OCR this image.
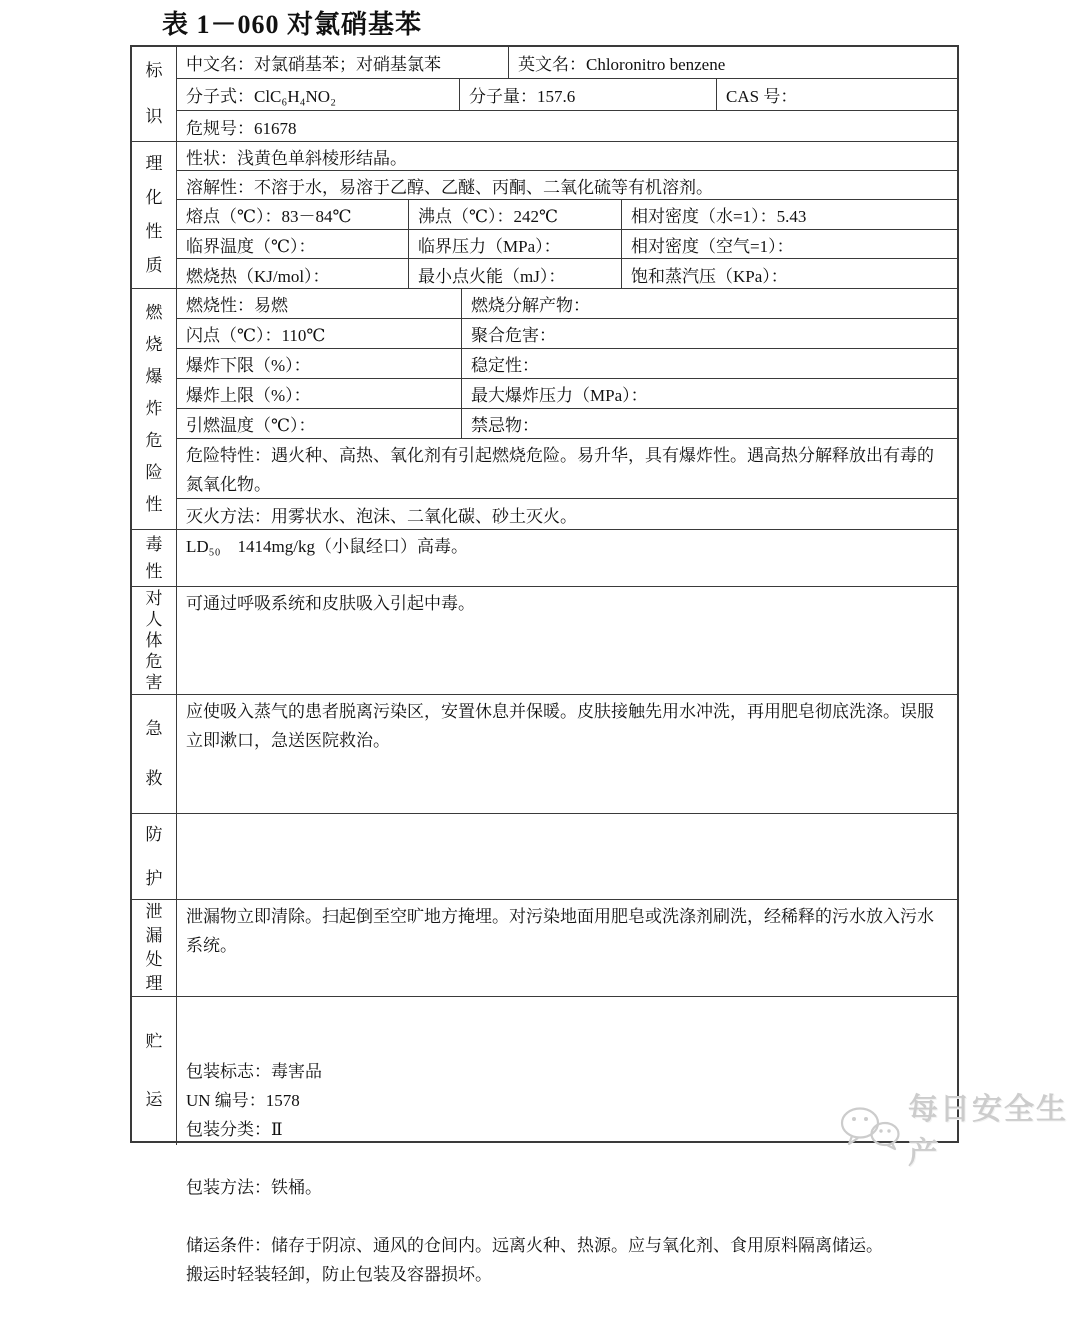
表 1－060 对氯硝基苯
标识
中文名：对氯硝基苯；对硝基氯苯	英文名：Chloronitro benzene
分子式：ClC₆H₄NO₂	分子量：157.6	CAS 号：
危规号：61678
理化性质
性状：浅黄色单斜棱形结晶。
溶解性：不溶于水，易溶于乙醇、乙醚、丙酮、二氧化硫等有机溶剂。
熔点（℃）：83－84℃	沸点（℃）：242℃	相对密度（水=1）：5.43
临界温度（℃）：	临界压力（MPa）：	相对密度（空气=1）：
燃烧热（KJ/mol）：	最小点火能（mJ）：	饱和蒸汽压（KPa）：
燃烧爆炸危险性
燃烧性：易燃	燃烧分解产物：
闪点（℃）：110℃	聚合危害：
爆炸下限（%）：	稳定性：
爆炸上限（%）：	最大爆炸压力（MPa）：
引燃温度（℃）：	禁忌物：
危险特性：遇火种、高热、氧化剂有引起燃烧危险。易升华，具有爆炸性。遇高热分解释放出有毒的氮氧化物。
灭火方法：用雾状水、泡沫、二氧化碳、砂土灭火。
毒性
LD₅₀　1414mg/kg（小鼠经口）高毒。
对人体危害
可通过呼吸系统和皮肤吸入引起中毒。
急救
应使吸入蒸气的患者脱离污染区，安置休息并保暖。皮肤接触先用水冲洗，再用肥皂彻底洗涤。误服立即漱口，急送医院救治。
防护
泄漏处理
泄漏物立即清除。扫起倒至空旷地方掩埋。对污染地面用肥皂或洗涤剂刷洗，经稀释的污水放入污水系统。
贮运

包装标志：毒害品
UN 编号：1578
包装分类：Ⅱ

包装方法：铁桶。

储运条件：储存于阴凉、通风的仓间内。远离火种、热源。应与氧化剂、食用原料隔离储运。
搬运时轻装轻卸，防止包装及容器损坏。

每日安全生产
